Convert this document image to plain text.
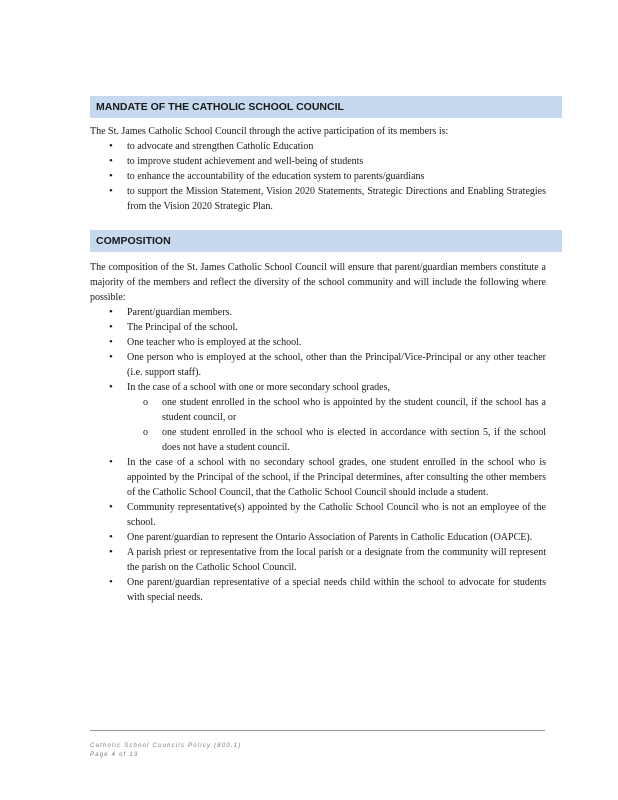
MANDATE OF THE CATHOLIC SCHOOL COUNCIL

The St. James Catholic School Council through the active participation of its members is:

• to advocate and strengthen Catholic Education
• to improve student achievement and well-being of students
• to enhance the accountability of the education system to parents/guardians
• to support the Mission Statement, Vision 2020 Statements, Strategic Directions and Enabling Strategies from the Vision 2020 Strategic Plan.
COMPOSITION

The composition of the St. James Catholic School Council will ensure that parent/guardian members constitute a majority of the members and reflect the diversity of the school community and will include the following where possible:

• Parent/guardian members.
• The Principal of the school.
• One teacher who is employed at the school.
• One person who is employed at the school, other than the Principal/Vice-Principal or any other teacher (i.e. support staff).
• In the case of a school with one or more secondary school grades,
o one student enrolled in the school who is appointed by the student council, if the school has a student council, or
o one student enrolled in the school who is elected in accordance with section 5, if the school does not have a student council.
• In the case of a school with no secondary school grades, one student enrolled in the school who is appointed by the Principal of the school, if the Principal determines, after consulting the other members of the Catholic School Council, that the Catholic School Council should include a student.
• Community representative(s) appointed by the Catholic School Council who is not an employee of the school.
• One parent/guardian to represent the Ontario Association of Parents in Catholic Education (OAPCE).
• A parish priest or representative from the local parish or a designate from the community will represent the parish on the Catholic School Council.
• One parent/guardian representative of a special needs child within the school to advocate for students with special needs.
Catholic School Councils Policy (800.1)
Page 4 of 13
